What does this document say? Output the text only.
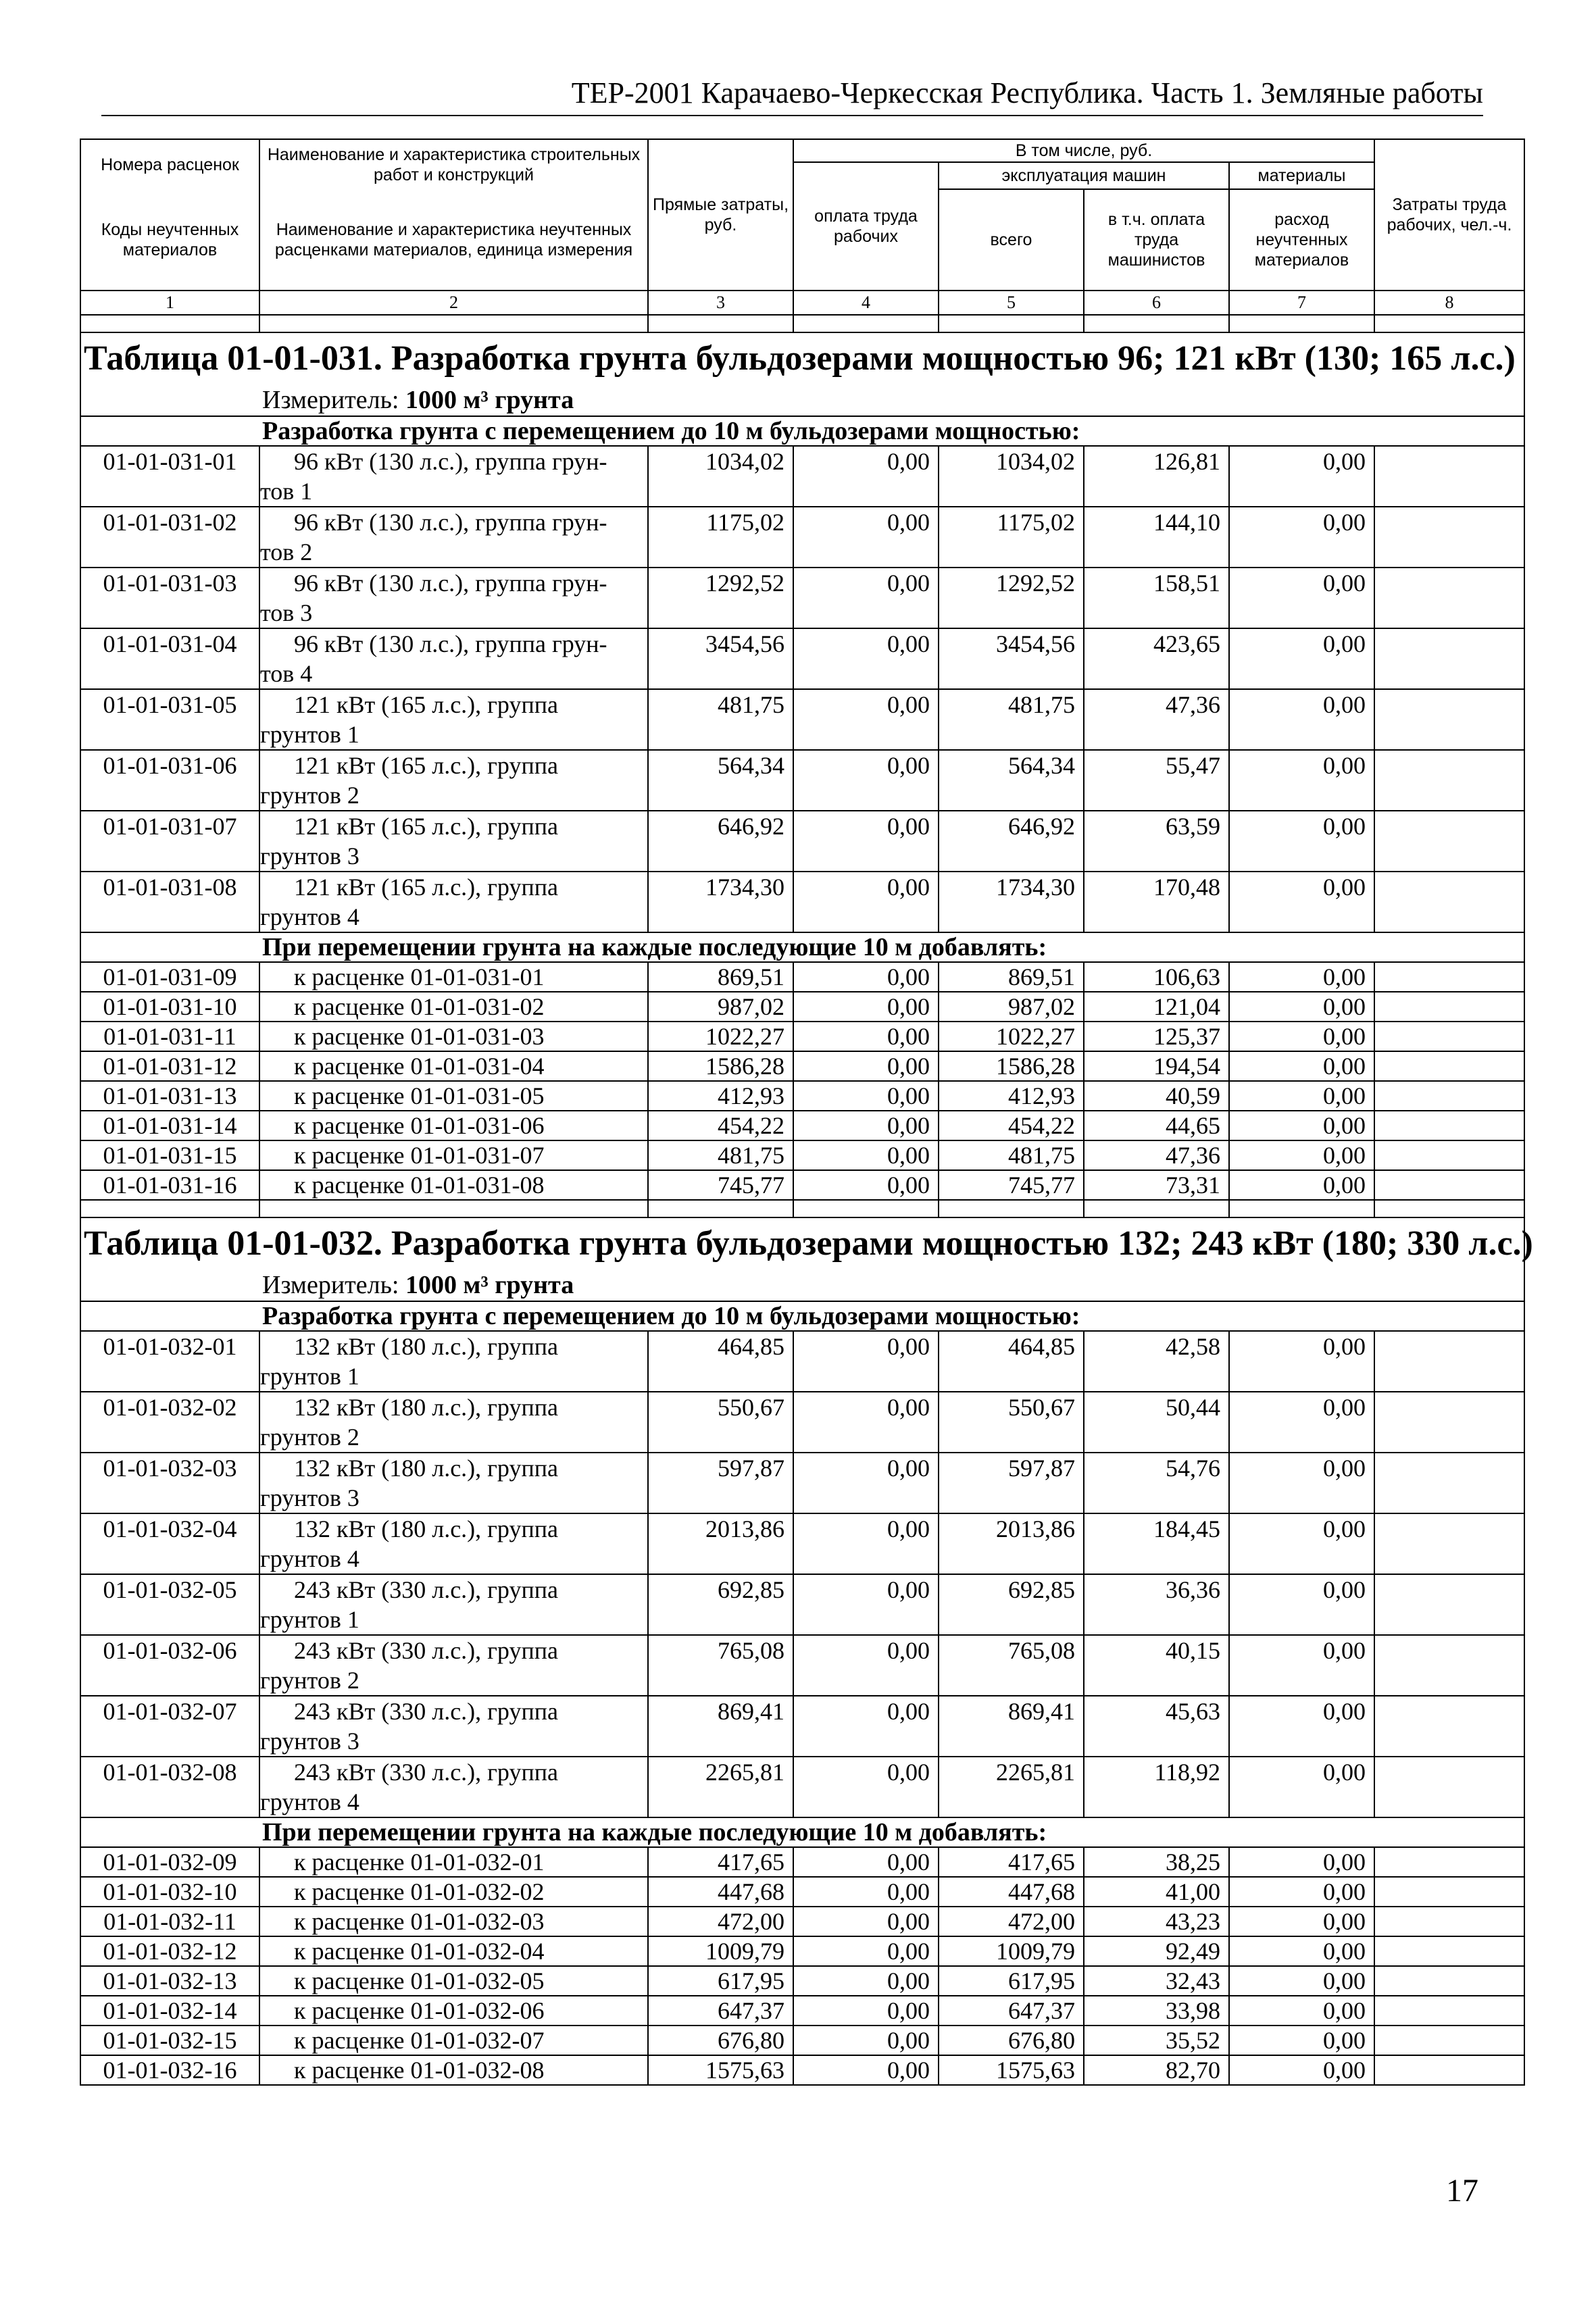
ТЕР-2001 Карачаево-Черкесская Республика. Часть 1. Земляные работы
Номера расценок	Наименование и характеристика строительных работ и конструкций	Прямые затраты, руб.	В том числе, руб.				Затраты труда рабочих, чел.-ч.
			оплата труда рабочих	эксплуатация машин		материалы	
Коды неучтенных материалов	Наименование и характеристика неучтенных расценками материалов, единица измерения			всего	в т.ч. оплата труда машинистов	расход неучтенных материалов	

1	2	3	4	5	6	7	8

Таблица 01-01-031. Разработка грунта бульдозерами мощностью 96; 121 кВт (130; 165 л.с.)							
Измеритель: 1000 м³ грунта							
Разработка грунта с перемещением до 10 м бульдозерами мощностью:							
01-01-031-01	96 кВт (130 л.с.), группа грун-
тов 1	1034,02	0,00	1034,02	126,81	0,00	
01-01-031-02	96 кВт (130 л.с.), группа грун-
тов 2	1175,02	0,00	1175,02	144,10	0,00	
01-01-031-03	96 кВт (130 л.с.), группа грун-
тов 3	1292,52	0,00	1292,52	158,51	0,00	
01-01-031-04	96 кВт (130 л.с.), группа грун-
тов 4	3454,56	0,00	3454,56	423,65	0,00	
01-01-031-05	121 кВт (165 л.с.), группа
грунтов 1	481,75	0,00	481,75	47,36	0,00	
01-01-031-06	121 кВт (165 л.с.), группа
грунтов 2	564,34	0,00	564,34	55,47	0,00	
01-01-031-07	121 кВт (165 л.с.), группа
грунтов 3	646,92	0,00	646,92	63,59	0,00	
01-01-031-08	121 кВт (165 л.с.), группа
грунтов 4	1734,30	0,00	1734,30	170,48	0,00	
При перемещении грунта на каждые последующие 10 м добавлять:							
01-01-031-09	к расценке 01-01-031-01	869,51	0,00	869,51	106,63	0,00	
01-01-031-10	к расценке 01-01-031-02	987,02	0,00	987,02	121,04	0,00	
01-01-031-11	к расценке 01-01-031-03	1022,27	0,00	1022,27	125,37	0,00	
01-01-031-12	к расценке 01-01-031-04	1586,28	0,00	1586,28	194,54	0,00	
01-01-031-13	к расценке 01-01-031-05	412,93	0,00	412,93	40,59	0,00	
01-01-031-14	к расценке 01-01-031-06	454,22	0,00	454,22	44,65	0,00	
01-01-031-15	к расценке 01-01-031-07	481,75	0,00	481,75	47,36	0,00	
01-01-031-16	к расценке 01-01-031-08	745,77	0,00	745,77	73,31	0,00	

Таблица 01-01-032. Разработка грунта бульдозерами мощностью 132; 243 кВт (180; 330 л.с.)							
Измеритель: 1000 м³ грунта							
Разработка грунта с перемещением до 10 м бульдозерами мощностью:							
01-01-032-01	132 кВт (180 л.с.), группа
грунтов 1	464,85	0,00	464,85	42,58	0,00	
01-01-032-02	132 кВт (180 л.с.), группа
грунтов 2	550,67	0,00	550,67	50,44	0,00	
01-01-032-03	132 кВт (180 л.с.), группа
грунтов 3	597,87	0,00	597,87	54,76	0,00	
01-01-032-04	132 кВт (180 л.с.), группа
грунтов 4	2013,86	0,00	2013,86	184,45	0,00	
01-01-032-05	243 кВт (330 л.с.), группа
грунтов 1	692,85	0,00	692,85	36,36	0,00	
01-01-032-06	243 кВт (330 л.с.), группа
грунтов 2	765,08	0,00	765,08	40,15	0,00	
01-01-032-07	243 кВт (330 л.с.), группа
грунтов 3	869,41	0,00	869,41	45,63	0,00	
01-01-032-08	243 кВт (330 л.с.), группа
грунтов 4	2265,81	0,00	2265,81	118,92	0,00	
При перемещении грунта на каждые последующие 10 м добавлять:							
01-01-032-09	к расценке 01-01-032-01	417,65	0,00	417,65	38,25	0,00	
01-01-032-10	к расценке 01-01-032-02	447,68	0,00	447,68	41,00	0,00	
01-01-032-11	к расценке 01-01-032-03	472,00	0,00	472,00	43,23	0,00	
01-01-032-12	к расценке 01-01-032-04	1009,79	0,00	1009,79	92,49	0,00	
01-01-032-13	к расценке 01-01-032-05	617,95	0,00	617,95	32,43	0,00	
01-01-032-14	к расценке 01-01-032-06	647,37	0,00	647,37	33,98	0,00	
01-01-032-15	к расценке 01-01-032-07	676,80	0,00	676,80	35,52	0,00	
01-01-032-16	к расценке 01-01-032-08	1575,63	0,00	1575,63	82,70	0,00	
17
